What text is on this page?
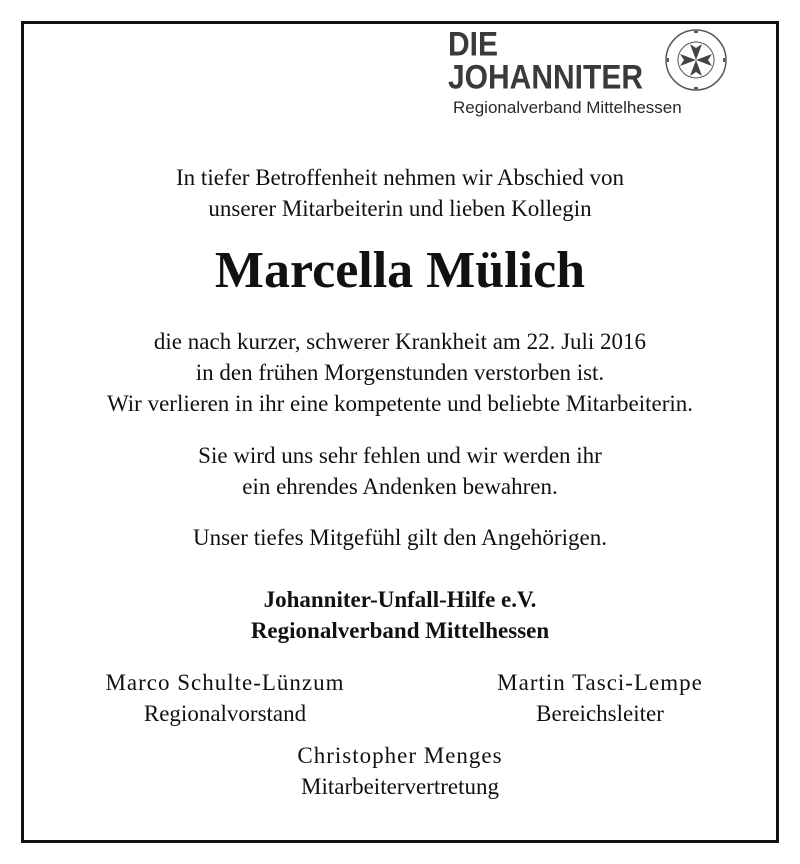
DIE
JOHANNITER
Regionalverband Mittelhessen
In tiefer Betroffenheit nehmen wir Abschied von
unserer Mitarbeiterin und lieben Kollegin
Marcella Mülich
die nach kurzer, schwerer Krankheit am 22. Juli 2016
in den frühen Morgenstunden verstorben ist.
Wir verlieren in ihr eine kompetente und beliebte Mitarbeiterin.
Sie wird uns sehr fehlen und wir werden ihr
ein ehrendes Andenken bewahren.
Unser tiefes Mitgefühl gilt den Angehörigen.
Johanniter-Unfall-Hilfe e.V.
Regionalverband Mittelhessen
Marco Schulte-Lünzum
Regionalvorstand
Martin Tasci-Lempe
Bereichsleiter
Christopher Menges
Mitarbeitervertretung
